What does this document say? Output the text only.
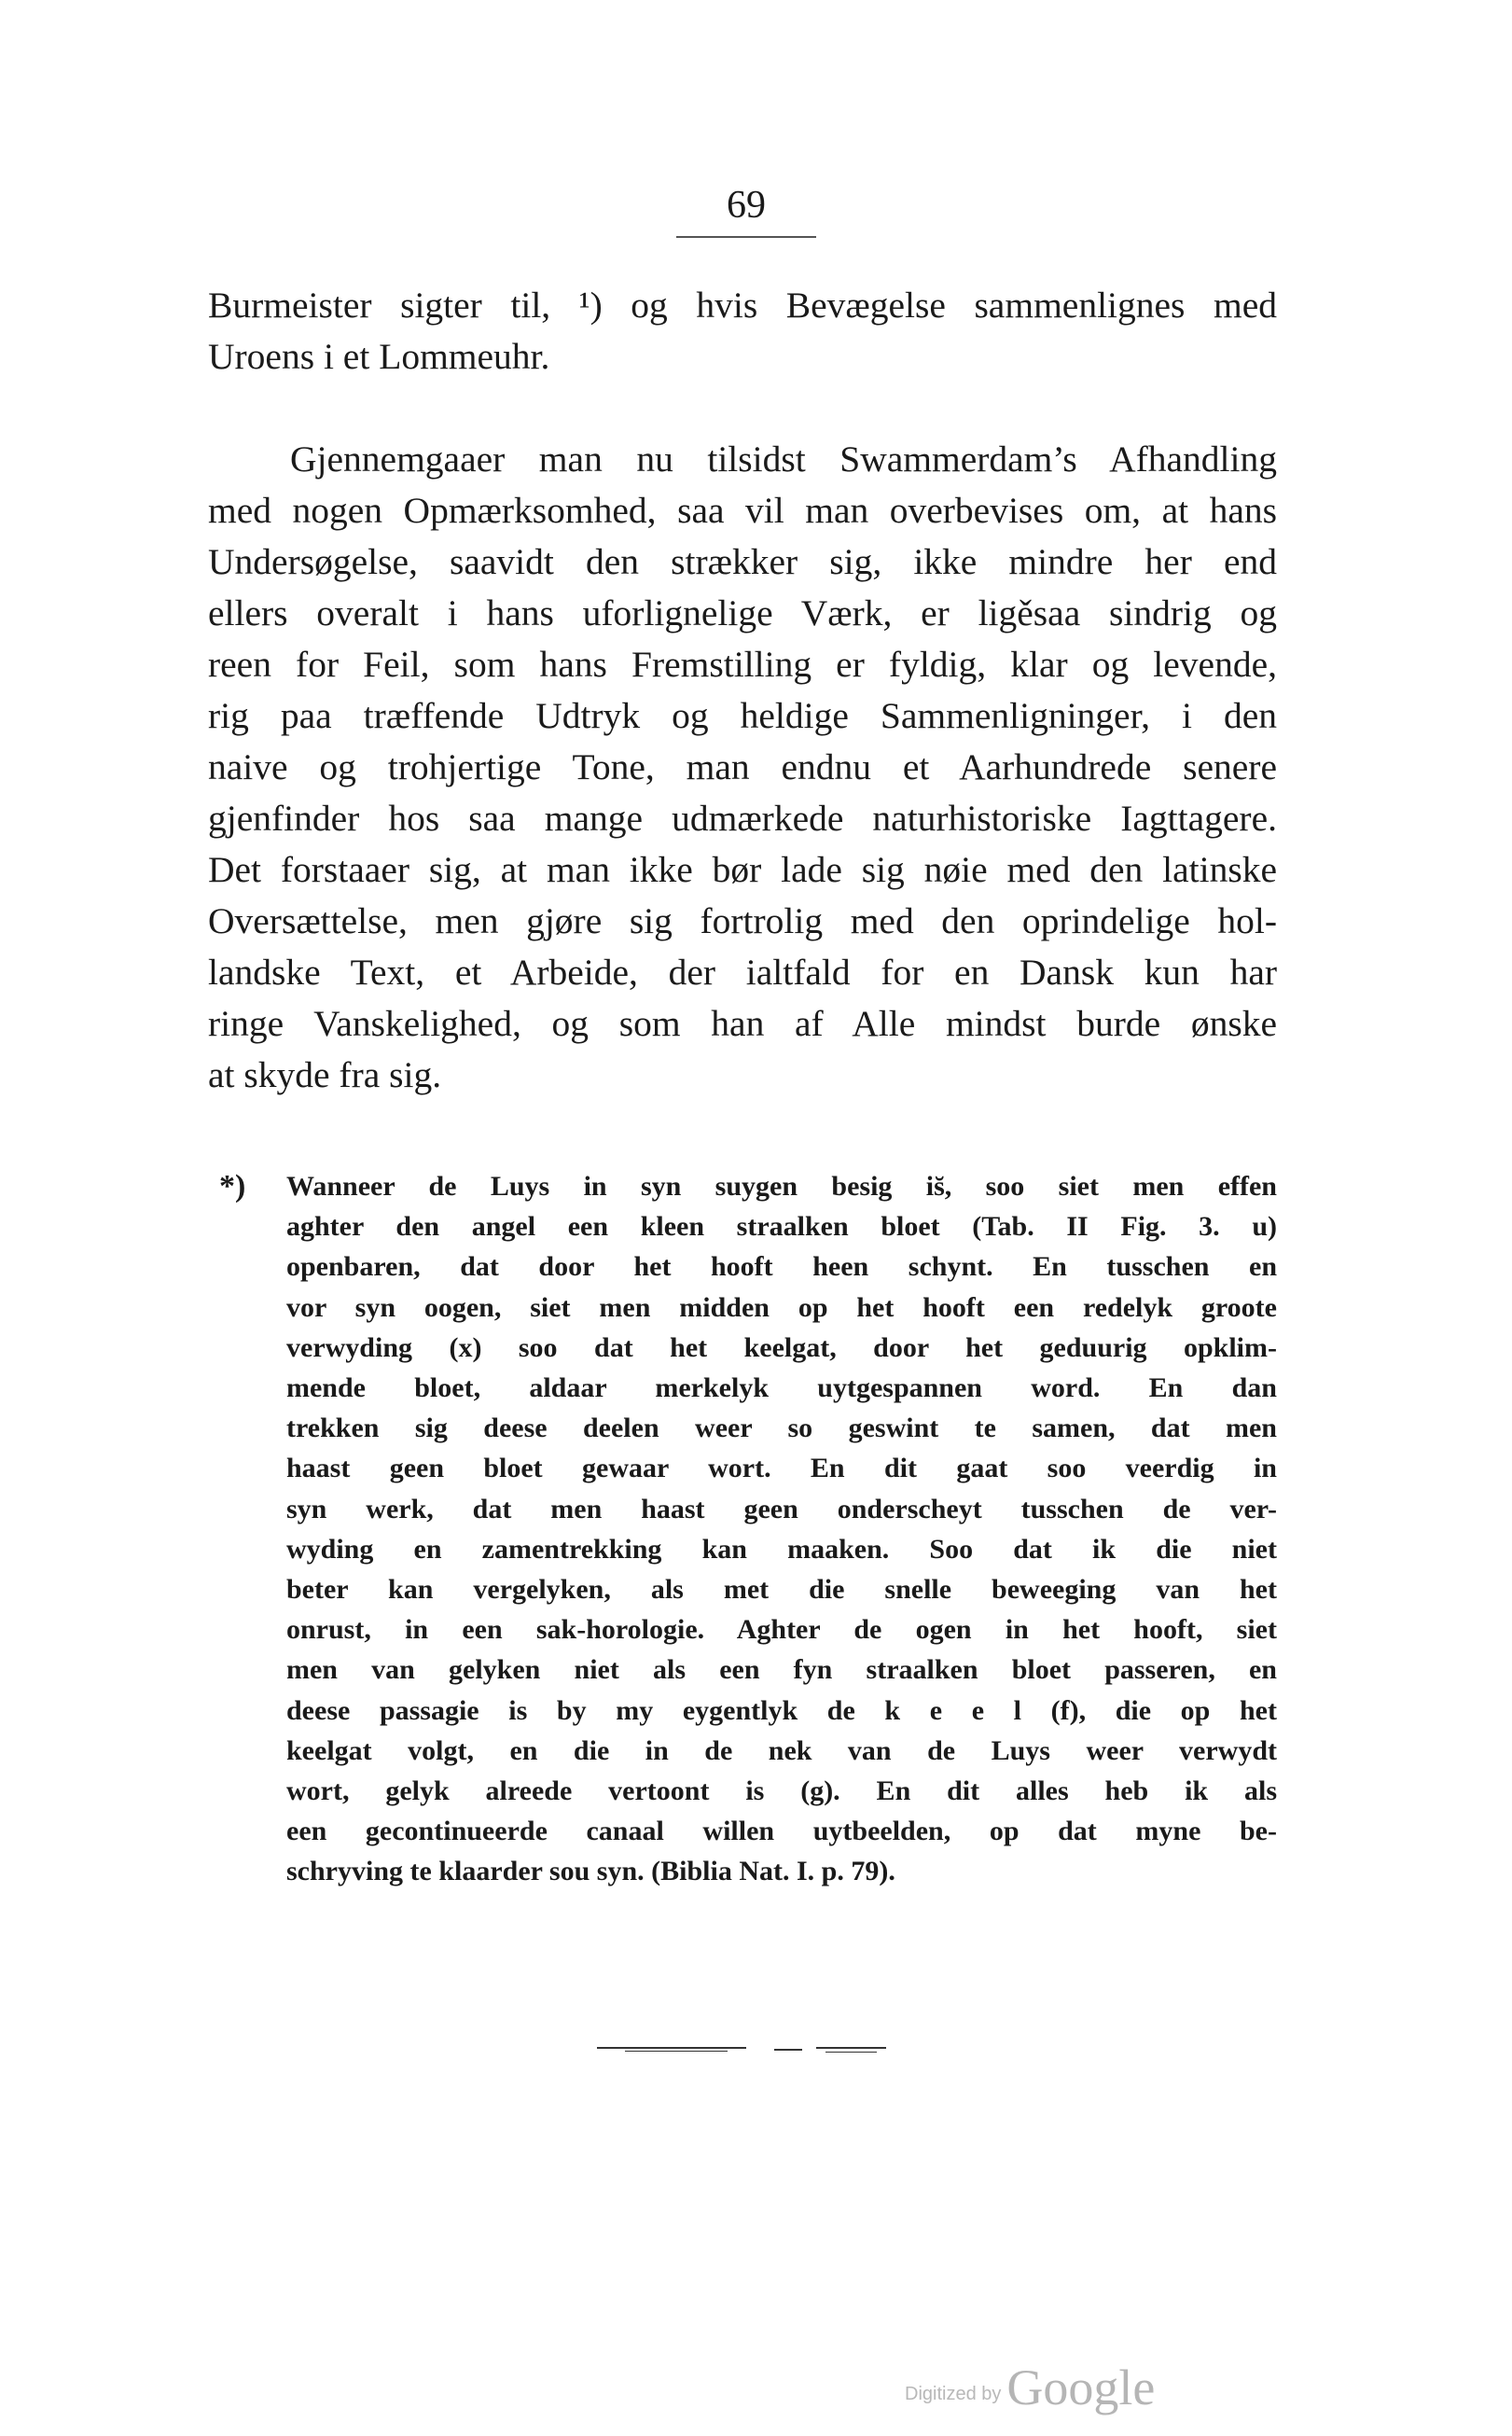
69

Burmeister sigter til, ¹) og hvis Bevægelse sammenlignes med
Uroens i et Lommeuhr.

Gjennemgaaer man nu tilsidst Swammerdam’s Afhandling
med nogen Opmærksomhed, saa vil man overbevises om, at hans
Undersøgelse, saavidt den strækker sig, ikke mindre her end
ellers overalt i hans uforlignelige Værk, er ligěsaa sindrig og
reen for Feil, som hans Fremstilling er fyldig, klar og levende,
rig paa træffende Udtryk og heldige Sammenligninger, i den
naive og trohjertige Tone, man endnu et Aarhundrede senere
gjenfinder hos saa mange udmærkede naturhistoriske Iagttagere.
Det forstaaer sig, at man ikke bør lade sig nøie med den latinske
Oversættelse, men gjøre sig fortrolig med den oprindelige hol-
landske Text, et Arbeide, der ialtfald for en Dansk kun har
ringe Vanskelighed, og som han af Alle mindst burde ønske
at skyde fra sig.

*) Wanneer de Luys in syn suygen besig is̆, soo siet men effen
aghter den angel een kleen straalken bloet (Tab. II Fig. 3. u)
openbaren, dat door het hooft heen schynt. En tusschen en
vor syn oogen, siet men midden op het hooft een redelyk groote
verwyding (x) soo dat het keelgat, door het geduurig opklim-
mende bloet, aldaar merkelyk uytgespannen word. En dan
trekken sig deese deelen weer so geswint te samen, dat men
haast geen bloet gewaar wort. En dit gaat soo veerdig in
syn werk, dat men haast geen onderscheyt tusschen de ver-
wyding en zamentrekking kan maaken. Soo dat ik die niet
beter kan vergelyken, als met die snelle beweeging van het
onrust, in een sak-horologie. Aghter de ogen in het hooft, siet
men van gelyken niet als een fyn straalken bloet passeren, en
deese passagie is by my eygentlyk de k e e l (f), die op het
keelgat volgt, en die in de nek van de Luys weer verwydt
wort, gelyk alreede vertoont is (g). En dit alles heb ik als
een gecontinueerde canaal willen uytbeelden, op dat myne be-
schryving te klaarder sou syn. (Biblia Nat. I. p. 79).
Digitized by Google
